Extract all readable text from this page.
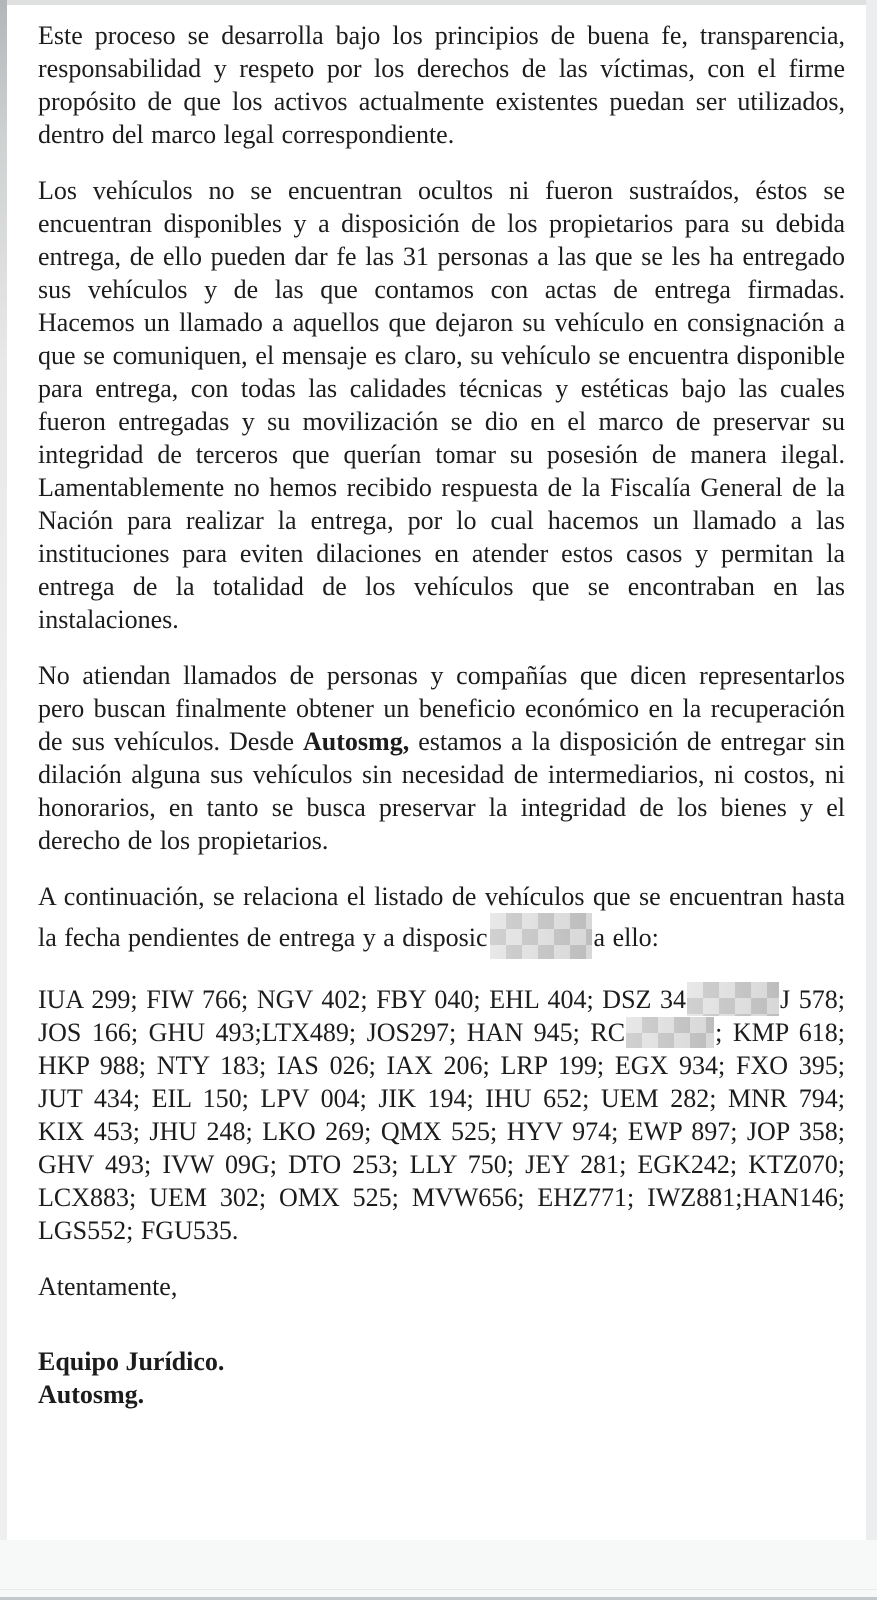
Este proceso se desarrolla bajo los principios de buena fe, transparencia, responsabilidad y respeto por los derechos de las víctimas, con el firme propósito de que los activos actualmente existentes puedan ser utilizados, dentro del marco legal correspondiente.

Los vehículos no se encuentran ocultos ni fueron sustraídos, éstos se encuentran disponibles y a disposición de los propietarios para su debida entrega, de ello pueden dar fe las 31 personas a las que se les ha entregado sus vehículos y de las que contamos con actas de entrega firmadas. Hacemos un llamado a aquellos que dejaron su vehículo en consignación a que se comuniquen, el mensaje es claro, su vehículo se encuentra disponible para entrega, con todas las calidades técnicas y estéticas bajo las cuales fueron entregadas y su movilización se dio en el marco de preservar su integridad de terceros que querían tomar su posesión de manera ilegal. Lamentablemente no hemos recibido respuesta de la Fiscalía General de la Nación para realizar la entrega, por lo cual hacemos un llamado a las instituciones para eviten dilaciones en atender estos casos y permitan la entrega de la totalidad de los vehículos que se encontraban en las instalaciones.

No atiendan llamados de personas y compañías que dicen representarlos pero buscan finalmente obtener un beneficio económico en la recuperación de sus vehículos. Desde Autosmg, estamos a la disposición de entregar sin dilación alguna sus vehículos sin necesidad de intermediarios, ni costos, ni honorarios, en tanto se busca preservar la integridad de los bienes y el derecho de los propietarios.

A continuación, se relaciona el listado de vehículos que se encuentran hasta la fecha pendientes de entrega y a disposic	a ello:

IUA 299; FIW 766; NGV 402; FBY 040; EHL 404; DSZ 34	J 578; JOS 166; GHU 493;LTX489; JOS297; HAN 945; RC	; KMP 618; HKP 988; NTY 183; IAS 026; IAX 206; LRP 199; EGX 934; FXO 395; JUT 434; EIL 150; LPV 004; JIK 194; IHU 652; UEM 282; MNR 794; KIX 453; JHU 248; LKO 269; QMX 525; HYV 974; EWP 897; JOP 358; GHV 493; IVW 09G; DTO 253; LLY 750; JEY 281; EGK242; KTZ070; LCX883; UEM 302; OMX 525; MVW656; EHZ771; IWZ881;HAN146; LGS552; FGU535.

Atentamente,

Equipo Jurídico.
Autosmg.
